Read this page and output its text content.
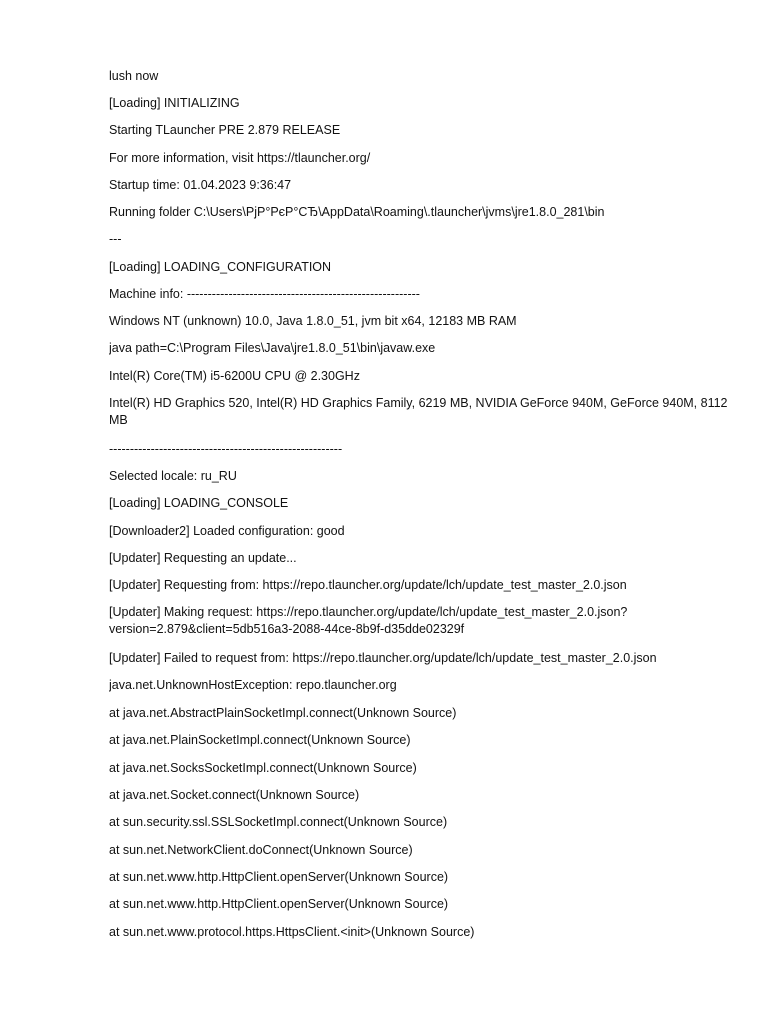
lush now
[Loading] INITIALIZING
Starting TLauncher PRE 2.879 RELEASE
For more information, visit https://tlauncher.org/
Startup time: 01.04.2023 9:36:47
Running folder C:\Users\РјР°РєР°СЂ\AppData\Roaming\.tlauncher\jvms\jre1.8.0_281\bin
---
[Loading] LOADING_CONFIGURATION
Machine info: --------------------------------------------------------
Windows NT (unknown) 10.0, Java 1.8.0_51, jvm bit x64, 12183 MB RAM
java path=C:\Program Files\Java\jre1.8.0_51\bin\javaw.exe
Intel(R) Core(TM) i5-6200U CPU @ 2.30GHz
Intel(R) HD Graphics 520, Intel(R) HD Graphics Family, 6219 MB, NVIDIA GeForce 940M, GeForce 940M, 8112 MB
--------------------------------------------------------
Selected locale: ru_RU
[Loading] LOADING_CONSOLE
[Downloader2] Loaded configuration: good
[Updater] Requesting an update...
[Updater] Requesting from: https://repo.tlauncher.org/update/lch/update_test_master_2.0.json
[Updater] Making request: https://repo.tlauncher.org/update/lch/update_test_master_2.0.json?version=2.879&client=5db516a3-2088-44ce-8b9f-d35dde02329f
[Updater] Failed to request from: https://repo.tlauncher.org/update/lch/update_test_master_2.0.json
java.net.UnknownHostException: repo.tlauncher.org
at java.net.AbstractPlainSocketImpl.connect(Unknown Source)
at java.net.PlainSocketImpl.connect(Unknown Source)
at java.net.SocksSocketImpl.connect(Unknown Source)
at java.net.Socket.connect(Unknown Source)
at sun.security.ssl.SSLSocketImpl.connect(Unknown Source)
at sun.net.NetworkClient.doConnect(Unknown Source)
at sun.net.www.http.HttpClient.openServer(Unknown Source)
at sun.net.www.http.HttpClient.openServer(Unknown Source)
at sun.net.www.protocol.https.HttpsClient.<init>(Unknown Source)
